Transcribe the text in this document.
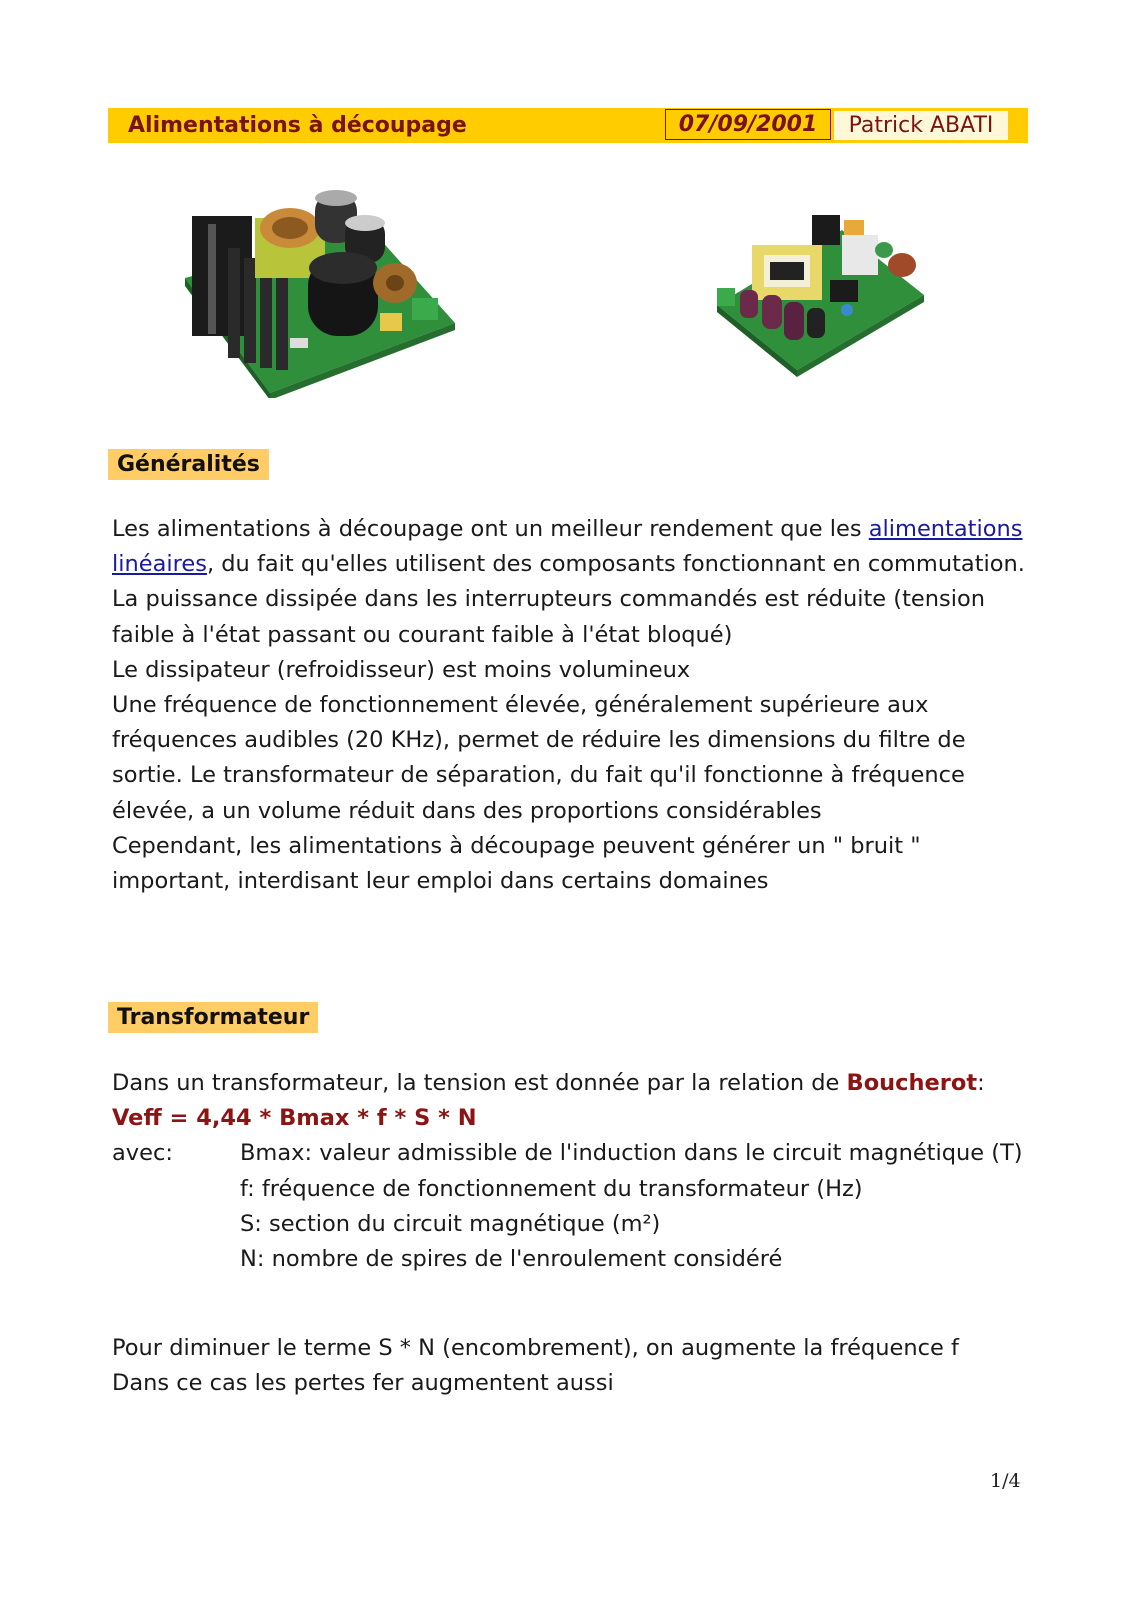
Alimentations à découpage	07/09/2001	Patrick ABATI
Généralités

Les alimentations à découpage ont un meilleur rendement que les alimentations linéaires, du fait qu'elles utilisent des composants fonctionnant en commutation. La puissance dissipée dans les interrupteurs commandés est réduite (tension faible à l'état passant ou courant faible à l'état bloqué)

Le dissipateur (refroidisseur) est moins volumineux

Une fréquence de fonctionnement élevée, généralement supérieure aux fréquences audibles (20 KHz), permet de réduire les dimensions du filtre de sortie. Le transformateur de séparation, du fait qu'il fonctionne à fréquence élevée, a un volume réduit dans des proportions considérables

Cependant, les alimentations à découpage peuvent générer un " bruit " important, interdisant leur emploi dans certains domaines

Transformateur

Dans un transformateur, la tension est donnée par la relation de Boucherot:

Veff = 4,44 * Bmax * f * S * N

avec:	Bmax: valeur admissible de l'induction dans le circuit magnétique (T)

f: fréquence de fonctionnement du transformateur (Hz)

S: section du circuit magnétique (m²)

N: nombre de spires de l'enroulement considéré

Pour diminuer le terme S * N (encombrement), on augmente la fréquence f

Dans ce cas les pertes fer augmentent aussi

1/4
